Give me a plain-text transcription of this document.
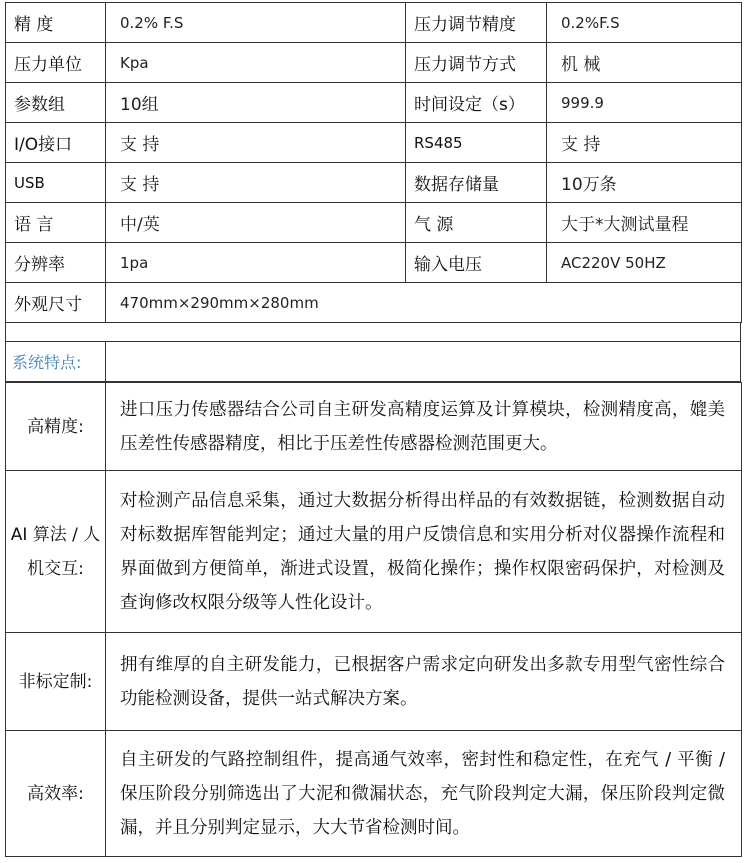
精 度	0.2% F.S	压力调节精度	0.2%F.S
压力单位	Kpa	压力调节方式	机 械
参数组	10组	时间设定（s）	999.9
I/O接口	支 持	RS485	支 持
USB	支 持	数据存储量	10万条
语 言	中/英	气 源	大于*大测试量程
分辨率	1pa	输入电压	AC220V 50HZ
外观尺寸	470mm×290mm×280mm		
系统特点:
高精度:	进口压力传感器结合公司自主研发高精度运算及计算模块，检测精度高，媲美压差性传感器精度，相比于压差性传感器检测范围更大。
AI 算法 / 人机交互:	对检测产品信息采集，通过大数据分析得出样品的有效数据链，检测数据自动对标数据库智能判定；通过大量的用户反馈信息和实用分析对仪器操作流程和界面做到方便简单，渐进式设置，极简化操作；操作权限密码保护，对检测及查询修改权限分级等人性化设计。
非标定制:	拥有维厚的自主研发能力，已根据客户需求定向研发出多款专用型气密性综合功能检测设备，提供一站式解决方案。
高效率:	自主研发的气路控制组件，提高通气效率，密封性和稳定性，在充气 / 平衡 / 保压阶段分别筛选出了大泥和微漏状态，充气阶段判定大漏，保压阶段判定微漏，并且分别判定显示，大大节省检测时间。
